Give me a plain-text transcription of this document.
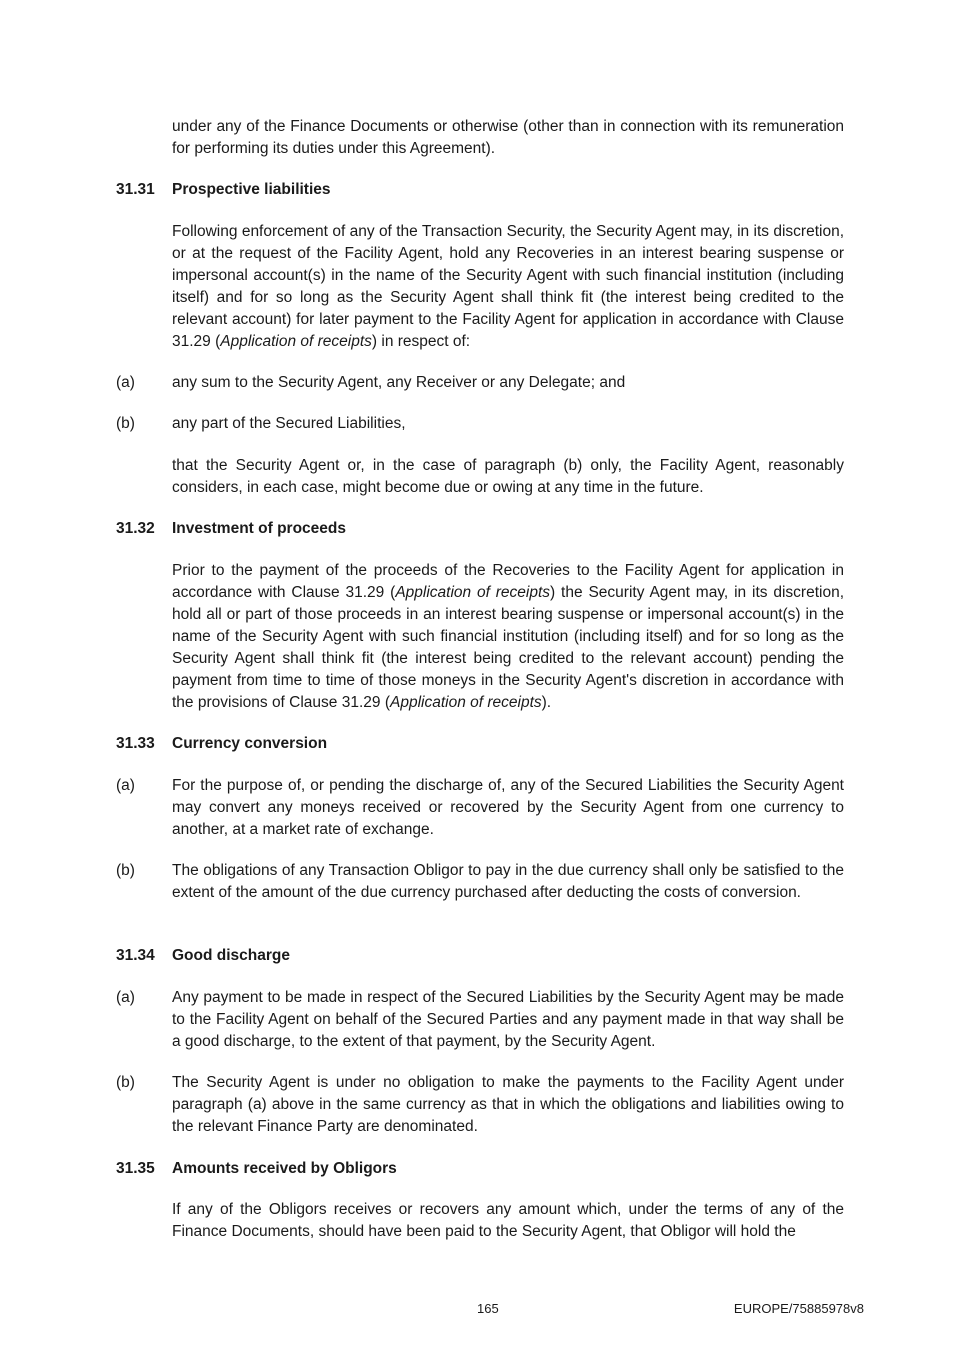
under any of the Finance Documents or otherwise (other than in connection with its remuneration for performing its duties under this Agreement).

31.31 Prospective liabilities

Following enforcement of any of the Transaction Security, the Security Agent may, in its discretion, or at the request of the Facility Agent, hold any Recoveries in an interest bearing suspense or impersonal account(s) in the name of the Security Agent with such financial institution (including itself) and for so long as the Security Agent shall think fit (the interest being credited to the relevant account) for later payment to the Facility Agent for application in accordance with Clause 31.29 (Application of receipts) in respect of:

(a) any sum to the Security Agent, any Receiver or any Delegate; and

(b) any part of the Secured Liabilities,

that the Security Agent or, in the case of paragraph (b) only, the Facility Agent, reasonably considers, in each case, might become due or owing at any time in the future.

31.32 Investment of proceeds

Prior to the payment of the proceeds of the Recoveries to the Facility Agent for application in accordance with Clause 31.29 (Application of receipts) the Security Agent may, in its discretion, hold all or part of those proceeds in an interest bearing suspense or impersonal account(s) in the name of the Security Agent with such financial institution (including itself) and for so long as the Security Agent shall think fit (the interest being credited to the relevant account) pending the payment from time to time of those moneys in the Security Agent's discretion in accordance with the provisions of Clause 31.29 (Application of receipts).

31.33 Currency conversion

(a) For the purpose of, or pending the discharge of, any of the Secured Liabilities the Security Agent may convert any moneys received or recovered by the Security Agent from one currency to another, at a market rate of exchange.

(b) The obligations of any Transaction Obligor to pay in the due currency shall only be satisfied to the extent of the amount of the due currency purchased after deducting the costs of conversion.

31.34 Good discharge

(a) Any payment to be made in respect of the Secured Liabilities by the Security Agent may be made to the Facility Agent on behalf of the Secured Parties and any payment made in that way shall be a good discharge, to the extent of that payment, by the Security Agent.

(b) The Security Agent is under no obligation to make the payments to the Facility Agent under paragraph (a) above in the same currency as that in which the obligations and liabilities owing to the relevant Finance Party are denominated.

31.35 Amounts received by Obligors

If any of the Obligors receives or recovers any amount which, under the terms of any of the Finance Documents, should have been paid to the Security Agent, that Obligor will hold the

165	EUROPE/75885978v8
